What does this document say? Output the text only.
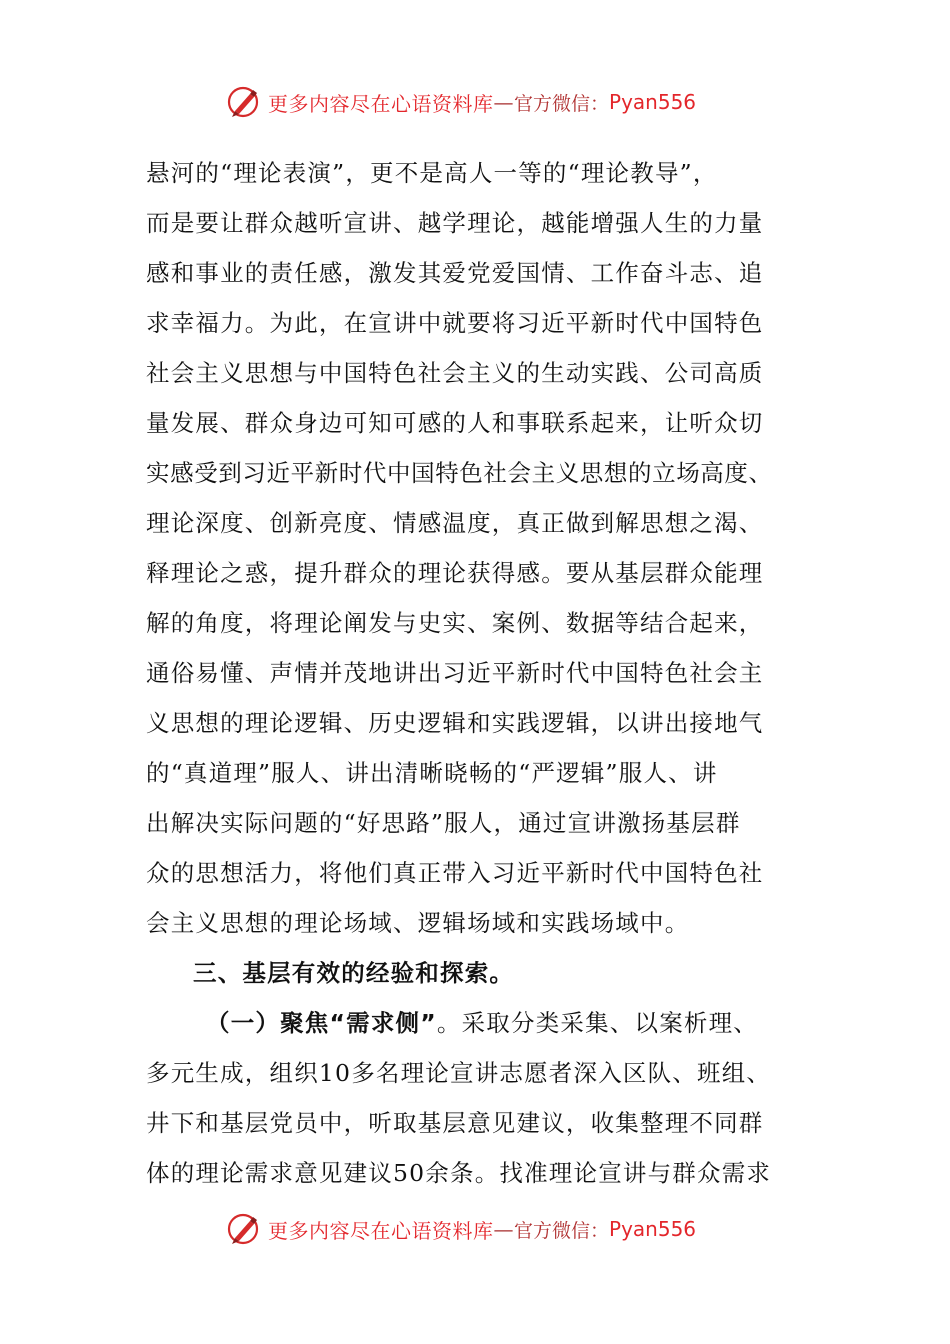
更多内容尽在心语资料库 — 官方微信： Pyan556
悬河的“理论表演”，更不是高人一等的“理论教导”，
而是要让群众越听宣讲、越学理论，越能增强人生的力量
感和事业的责任感，激发其爱党爱国情、工作奋斗志、追
求幸福力。为此，在宣讲中就要将习近平新时代中国特色
社会主义思想与中国特色社会主义的生动实践、公司高质
量发展、群众身边可知可感的人和事联系起来，让听众切
实感受到习近平新时代中国特色社会主义思想的立场高度、
理论深度、创新亮度、情感温度，真正做到解思想之渴、
释理论之惑，提升群众的理论获得感。要从基层群众能理
解的角度，将理论阐发与史实、案例、数据等结合起来，
通俗易懂、声情并茂地讲出习近平新时代中国特色社会主
义思想的理论逻辑、历史逻辑和实践逻辑，以讲出接地气
的“真道理”服人、讲出清晰晓畅的“严逻辑”服人、讲
出解决实际问题的“好思路”服人，通过宣讲激扬基层群
众的思想活力，将他们真正带入习近平新时代中国特色社
会主义思想的理论场域、逻辑场域和实践场域中。
三、基层有效的经验和探索。
（一）聚焦“需求侧”。采取分类采集、以案析理、
多元生成，组织10多名理论宣讲志愿者深入区队、班组、
井下和基层党员中，听取基层意见建议，收集整理不同群
体的理论需求意见建议50余条。找准理论宣讲与群众需求
更多内容尽在心语资料库 — 官方微信： Pyan556
